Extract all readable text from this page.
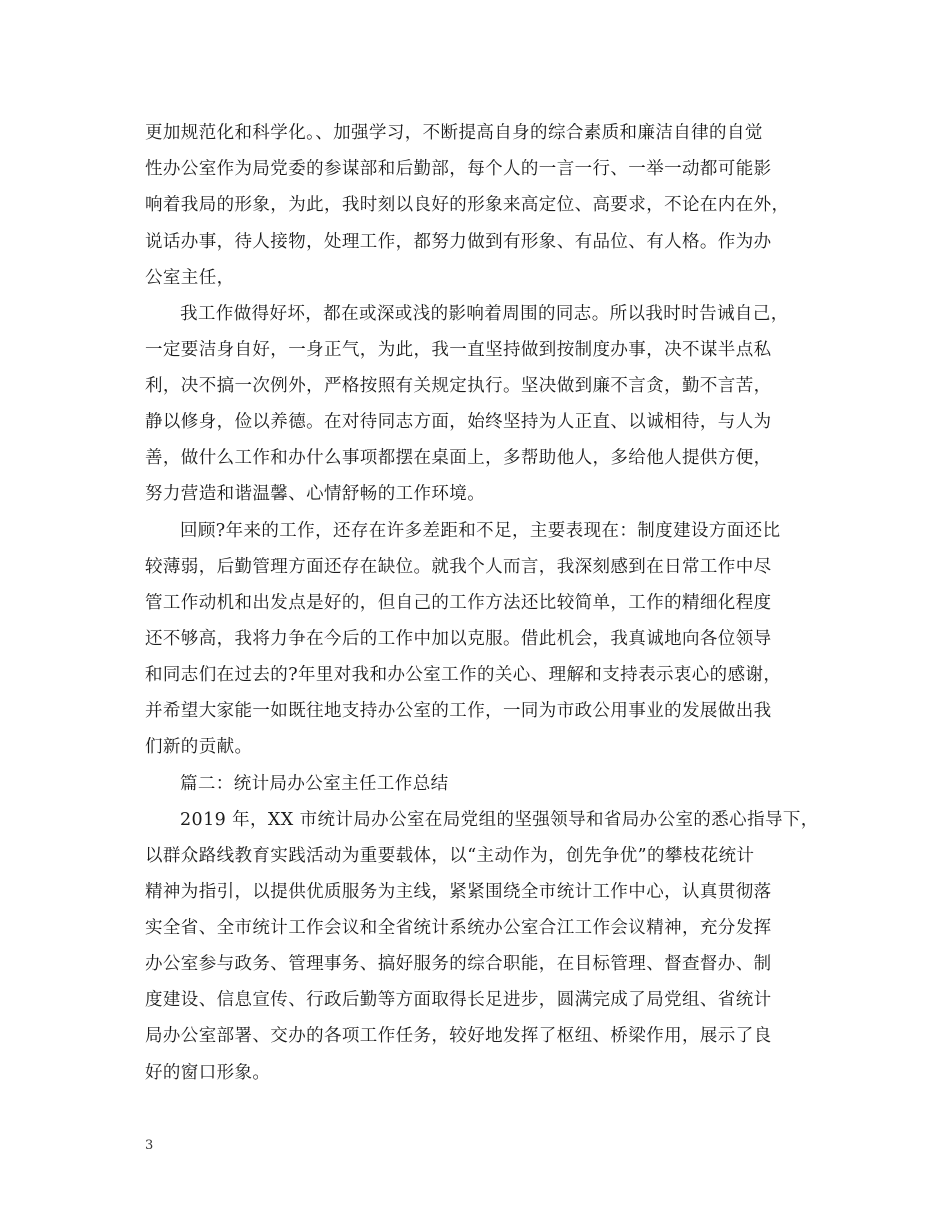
更加规范化和科学化。、加强学习，不断提高自身的综合素质和廉洁自律的自觉
性办公室作为局党委的参谋部和后勤部，每个人的一言一行、一举一动都可能影
响着我局的形象，为此，我时刻以良好的形象来高定位、高要求，不论在内在外，
说话办事，待人接物，处理工作，都努力做到有形象、有品位、有人格。作为办
公室主任，
我工作做得好坏，都在或深或浅的影响着周围的同志。所以我时时告诫自己，
一定要洁身自好，一身正气，为此，我一直坚持做到按制度办事，决不谋半点私
利，决不搞一次例外，严格按照有关规定执行。坚决做到廉不言贪，勤不言苦，
静以修身，俭以养德。在对待同志方面，始终坚持为人正直、以诚相待，与人为
善，做什么工作和办什么事项都摆在桌面上，多帮助他人，多给他人提供方便，
努力营造和谐温馨、心情舒畅的工作环境。
回顾?年来的工作，还存在许多差距和不足，主要表现在：制度建设方面还比
较薄弱，后勤管理方面还存在缺位。就我个人而言，我深刻感到在日常工作中尽
管工作动机和出发点是好的，但自己的工作方法还比较简单，工作的精细化程度
还不够高，我将力争在今后的工作中加以克服。借此机会，我真诚地向各位领导
和同志们在过去的?年里对我和办公室工作的关心、理解和支持表示衷心的感谢，
并希望大家能一如既往地支持办公室的工作，一同为市政公用事业的发展做出我
们新的贡献。
篇二：统计局办公室主任工作总结
2019 年，XX 市统计局办公室在局党组的坚强领导和省局办公室的悉心指导下，
以群众路线教育实践活动为重要载体，以“主动作为，创先争优”的攀枝花统计
精神为指引，以提供优质服务为主线，紧紧围绕全市统计工作中心，认真贯彻落
实全省、全市统计工作会议和全省统计系统办公室合江工作会议精神，充分发挥
办公室参与政务、管理事务、搞好服务的综合职能，在目标管理、督查督办、制
度建设、信息宣传、行政后勤等方面取得长足进步，圆满完成了局党组、省统计
局办公室部署、交办的各项工作任务，较好地发挥了枢纽、桥梁作用，展示了良
好的窗口形象。
3
